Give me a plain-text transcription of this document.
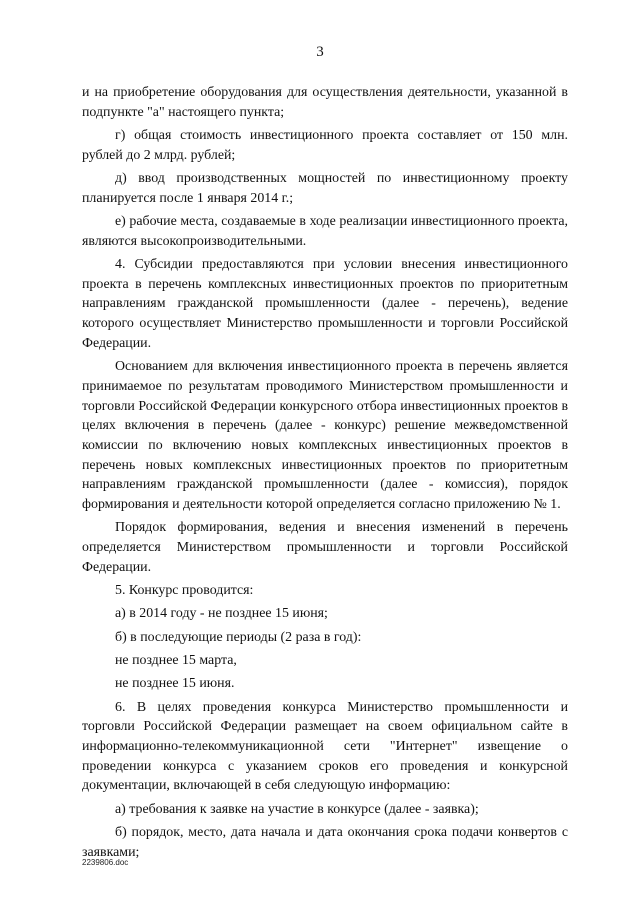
3

и на приобретение оборудования для осуществления деятельности, указанной в подпункте "а" настоящего пункта;

г) общая стоимость инвестиционного проекта составляет от 150 млн. рублей до 2 млрд. рублей;

д) ввод производственных мощностей по инвестиционному проекту планируется после 1 января 2014 г.;

е) рабочие места, создаваемые в ходе реализации инвестиционного проекта, являются высокопроизводительными.

4. Субсидии предоставляются при условии внесения инвестиционного проекта в перечень комплексных инвестиционных проектов по приоритетным направлениям гражданской промышленности (далее - перечень), ведение которого осуществляет Министерство промышленности и торговли Российской Федерации.

Основанием для включения инвестиционного проекта в перечень является принимаемое по результатам проводимого Министерством промышленности и торговли Российской Федерации конкурсного отбора инвестиционных проектов в целях включения в перечень (далее - конкурс) решение межведомственной комиссии по включению новых комплексных инвестиционных проектов в перечень новых комплексных инвестиционных проектов по приоритетным направлениям гражданской промышленности (далее - комиссия), порядок формирования и деятельности которой определяется согласно приложению № 1.

Порядок формирования, ведения и внесения изменений в перечень определяется Министерством промышленности и торговли Российской Федерации.

5. Конкурс проводится:

а) в 2014 году - не позднее 15 июня;

б) в последующие периоды (2 раза в год):

не позднее 15 марта,

не позднее 15 июня.

6. В целях проведения конкурса Министерство промышленности и торговли Российской Федерации размещает на своем официальном сайте в информационно-телекоммуникационной сети "Интернет" извещение о проведении конкурса с указанием сроков его проведения и конкурсной документации, включающей в себя следующую информацию:

а) требования к заявке на участие в конкурсе (далее - заявка);

б) порядок, место, дата начала и дата окончания срока подачи конвертов с заявками;

2239806.doc
